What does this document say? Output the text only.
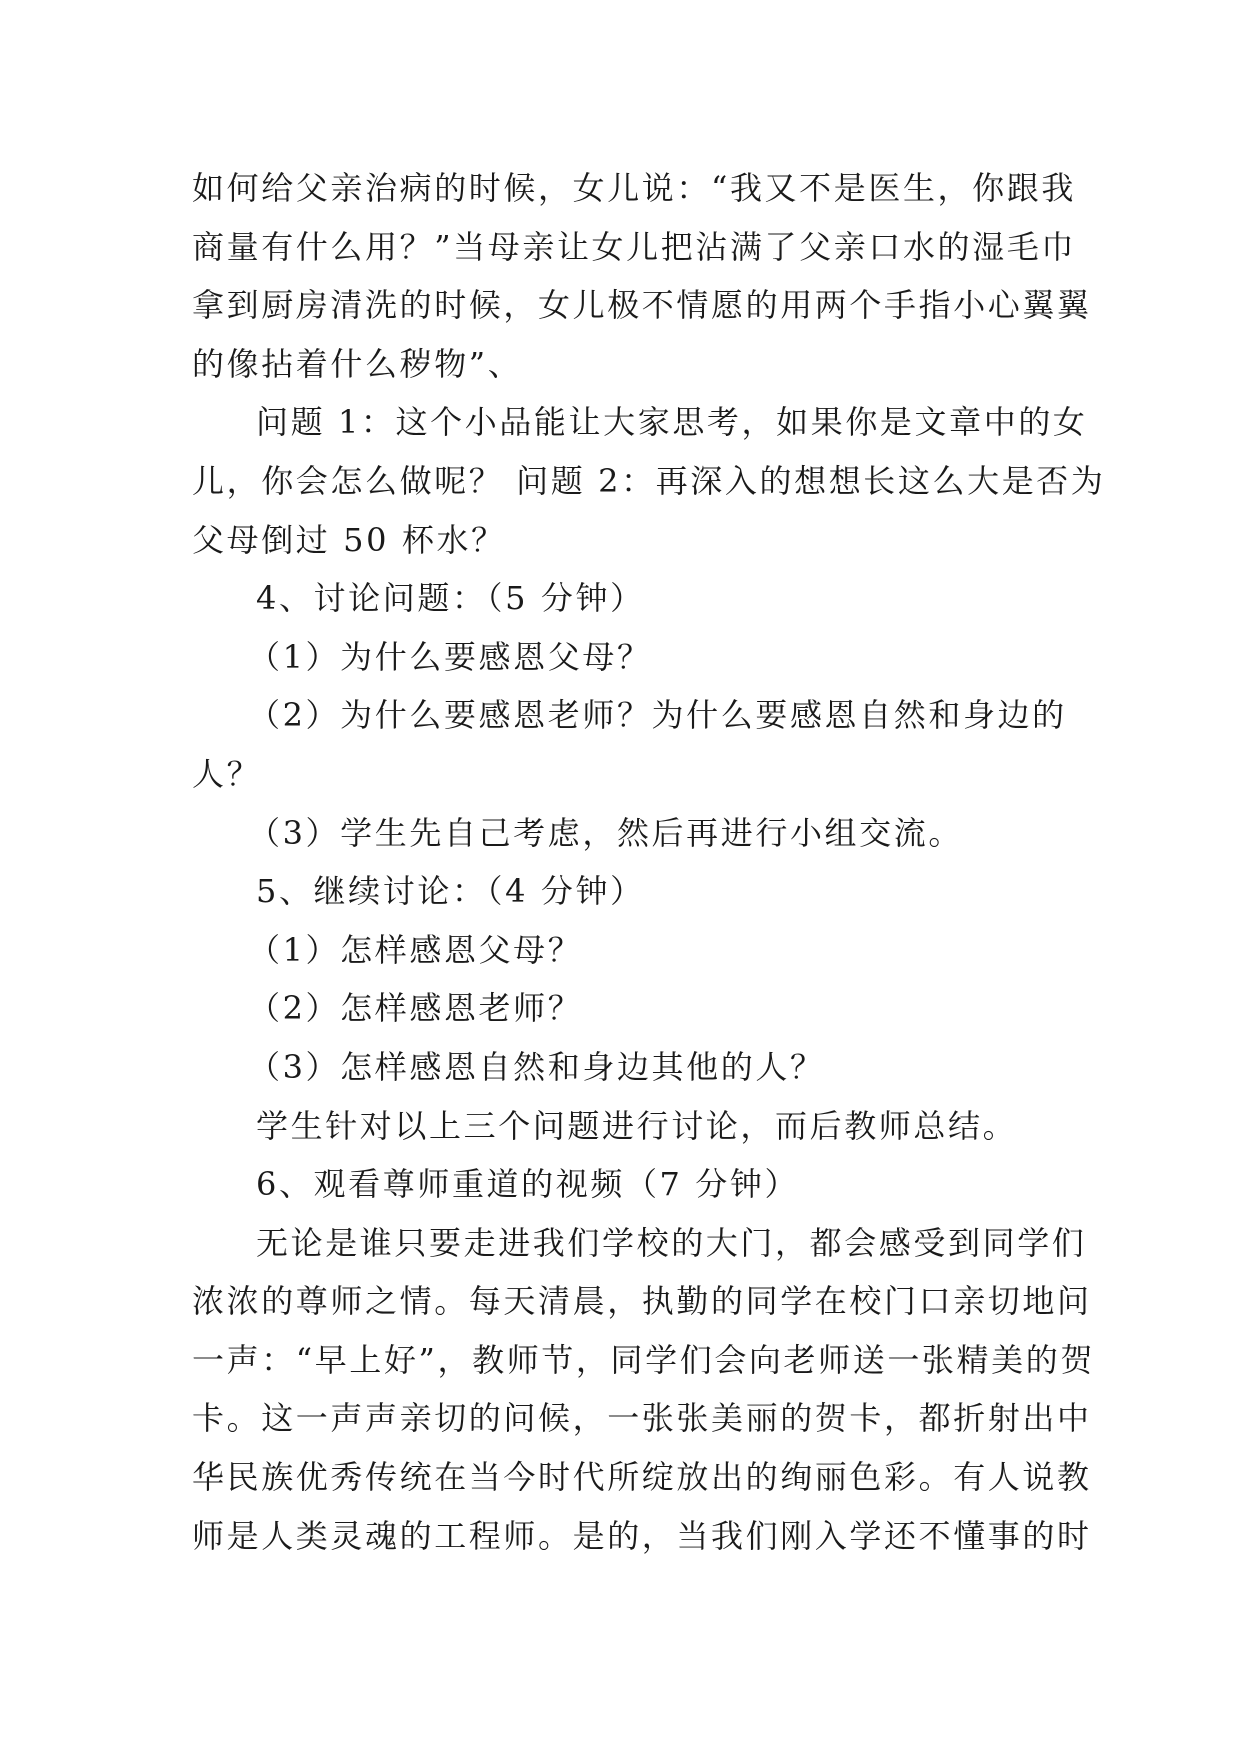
如何给父亲治病的时候，女儿说：“我又不是医生，你跟我
商量有什么用？”当母亲让女儿把沾满了父亲口水的湿毛巾
拿到厨房清洗的时候，女儿极不情愿的用两个手指小心翼翼
的像拈着什么秽物”、
问题 1：这个小品能让大家思考，如果你是文章中的女
儿，你会怎么做呢？ 问题 2：再深入的想想长这么大是否为
父母倒过 50 杯水？
4、讨论问题：（5 分钟）
（1）为什么要感恩父母？
（2）为什么要感恩老师？为什么要感恩自然和身边的
人？
（3）学生先自己考虑，然后再进行小组交流。
5、继续讨论：（4 分钟）
（1）怎样感恩父母？
（2）怎样感恩老师？
（3）怎样感恩自然和身边其他的人？
学生针对以上三个问题进行讨论，而后教师总结。
6、观看尊师重道的视频（7 分钟）
无论是谁只要走进我们学校的大门，都会感受到同学们
浓浓的尊师之情。每天清晨，执勤的同学在校门口亲切地问
一声：“早上好”，教师节，同学们会向老师送一张精美的贺
卡。这一声声亲切的问候，一张张美丽的贺卡，都折射出中
华民族优秀传统在当今时代所绽放出的绚丽色彩。有人说教
师是人类灵魂的工程师。是的，当我们刚入学还不懂事的时
